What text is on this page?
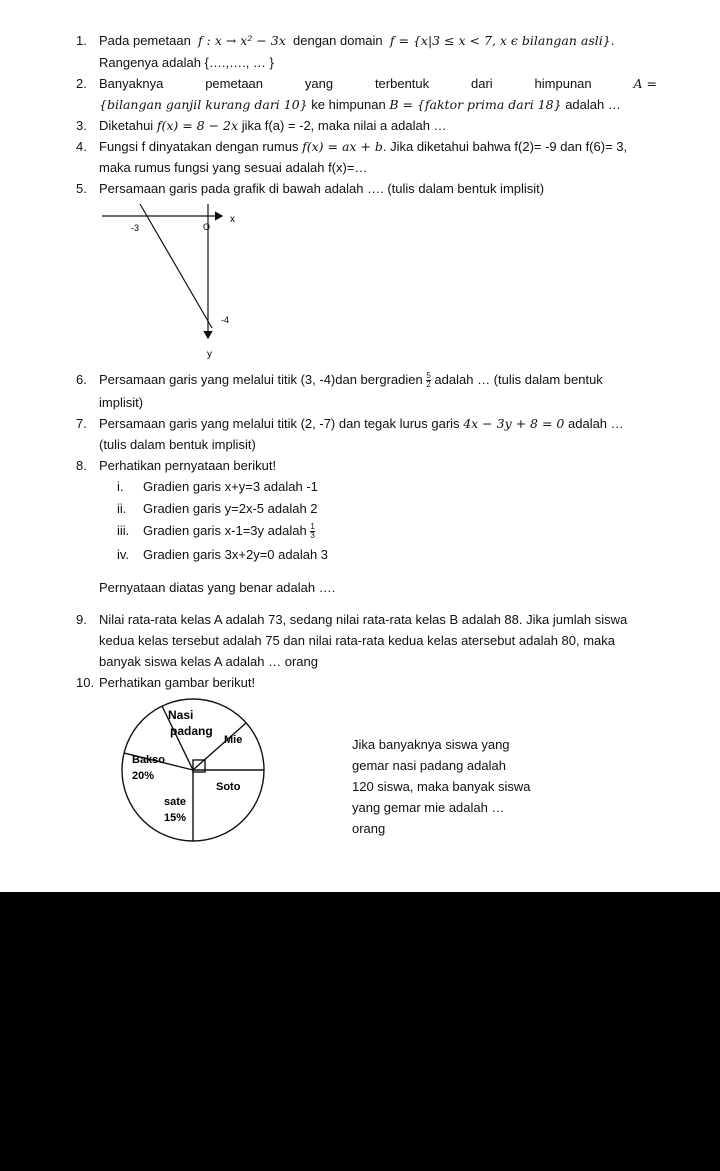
1. Pada pemetaan f : x → x² − 3x dengan domain f = {x|3 ≤ x < 7, x ϵ bilangan asli}.
Rangenya adalah {….,…., … }
2. Banyaknya	pemetaan	yang	terbentuk	dari	himpunan	A =
{bilangan ganjil kurang dari 10} ke himpunan B = {faktor prima dari 18} adalah …
3. Diketahui f(x) = 8 − 2x jika f(a) = -2, maka nilai a adalah …
4. Fungsi f dinyatakan dengan rumus f(x) = ax + b. Jika diketahui bahwa f(2)= -9 dan f(6)= 3,
maka rumus fungsi yang sesuai adalah f(x)=…
5. Persamaan garis pada grafik di bawah adalah …. (tulis dalam bentuk implisit)
x
y
-3
-4
O
6. Persamaan garis yang melalui titik (3, -4)dan bergradien $\frac{5}{2}$ adalah … (tulis dalam bentuk
implisit)
7. Persamaan garis yang melalui titik (2, -7) dan tegak lurus garis 4x − 3y + 8 = 0 adalah …
(tulis dalam bentuk implisit)
8. Perhatikan pernyataan berikut!
i. Gradien garis x+y=3 adalah -1
ii. Gradien garis y=2x-5 adalah 2
iii. Gradien garis x-1=3y adalah $\frac{1}{3}$
iv. Gradien garis 3x+2y=0 adalah 3
Pernyataan diatas yang benar adalah ….
9. Nilai rata-rata kelas A adalah 73, sedang nilai rata-rata kelas B adalah 88. Jika jumlah siswa
kedua kelas tersebut adalah 75 dan nilai rata-rata kedua kelas atersebut adalah 80, maka
banyak siswa kelas A adalah … orang
10. Perhatikan gambar berikut!
Nasi
padang
Mie
Bakso
20%
Soto
sate
15%
Jika banyaknya siswa yang
gemar nasi padang adalah
120 siswa, maka banyak siswa
yang gemar mie adalah …
orang
